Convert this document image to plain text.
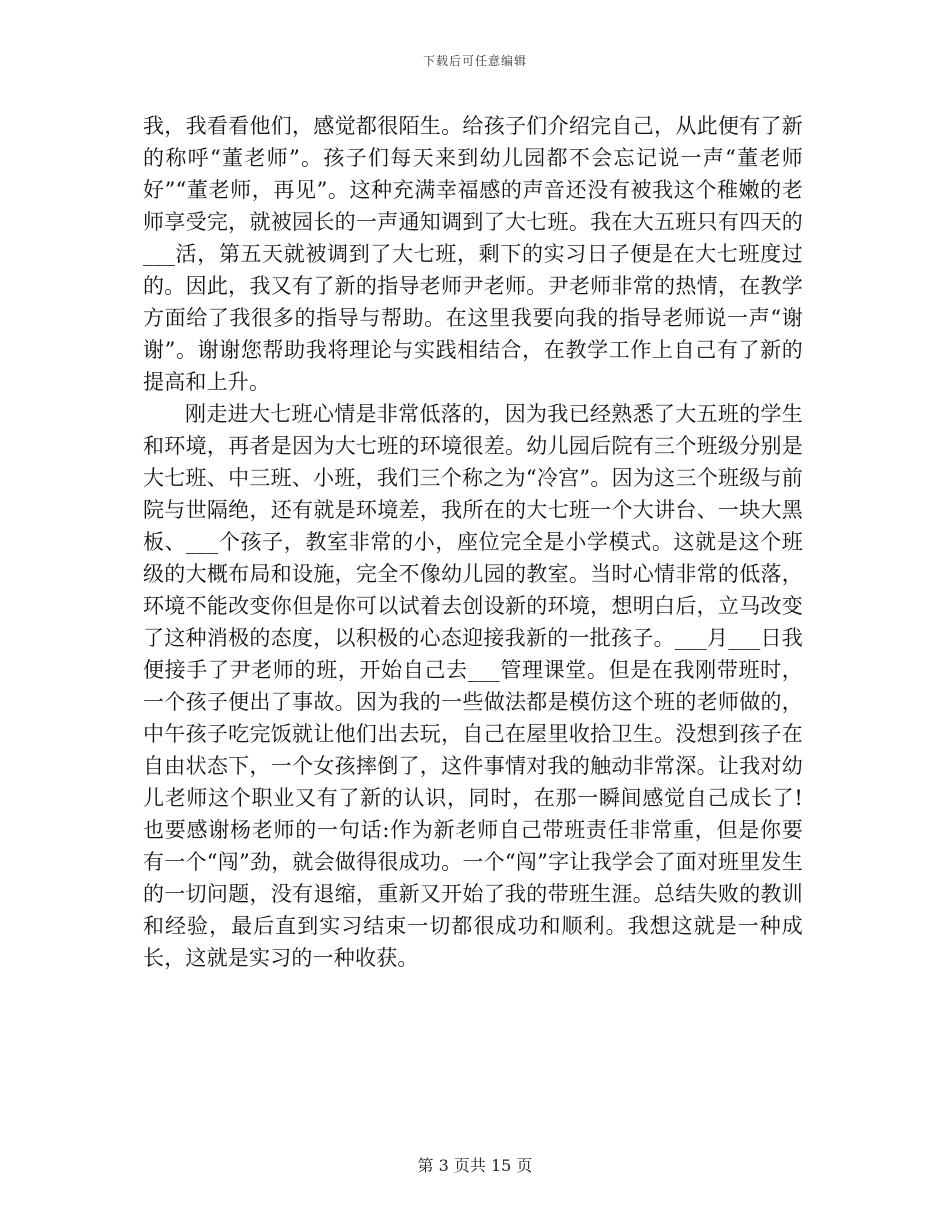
下载后可任意编辑

我，我看看他们，感觉都很陌生。给孩子们介绍完自己，从此便有了新的称呼“董老师”。孩子们每天来到幼儿园都不会忘记说一声“董老师好”“董老师，再见”。这种充满幸福感的声音还没有被我这个稚嫩的老师享受完，就被园长的一声通知调到了大七班。我在大五班只有四天的___活，第五天就被调到了大七班，剩下的实习日子便是在大七班度过的。因此，我又有了新的指导老师尹老师。尹老师非常的热情，在教学方面给了我很多的指导与帮助。在这里我要向我的指导老师说一声“谢谢”。谢谢您帮助我将理论与实践相结合，在教学工作上自己有了新的提高和上升。

刚走进大七班心情是非常低落的，因为我已经熟悉了大五班的学生和环境，再者是因为大七班的环境很差。幼儿园后院有三个班级分别是大七班、中三班、小班，我们三个称之为“冷宫”。因为这三个班级与前院与世隔绝，还有就是环境差，我所在的大七班一个大讲台、一块大黑板、___个孩子，教室非常的小，座位完全是小学模式。这就是这个班级的大概布局和设施，完全不像幼儿园的教室。当时心情非常的低落，环境不能改变你但是你可以试着去创设新的环境，想明白后，立马改变了这种消极的态度，以积极的心态迎接我新的一批孩子。___月___日我便接手了尹老师的班，开始自己去___管理课堂。但是在我刚带班时，一个孩子便出了事故。因为我的一些做法都是模仿这个班的老师做的，中午孩子吃完饭就让他们出去玩，自己在屋里收拾卫生。没想到孩子在自由状态下，一个女孩摔倒了，这件事情对我的触动非常深。让我对幼儿老师这个职业又有了新的认识，同时，在那一瞬间感觉自己成长了!也要感谢杨老师的一句话:作为新老师自己带班责任非常重，但是你要有一个“闯”劲，就会做得很成功。一个“闯”字让我学会了面对班里发生的一切问题，没有退缩，重新又开始了我的带班生涯。总结失败的教训和经验，最后直到实习结束一切都很成功和顺利。我想这就是一种成长，这就是实习的一种收获。

第 3 页共 15 页
